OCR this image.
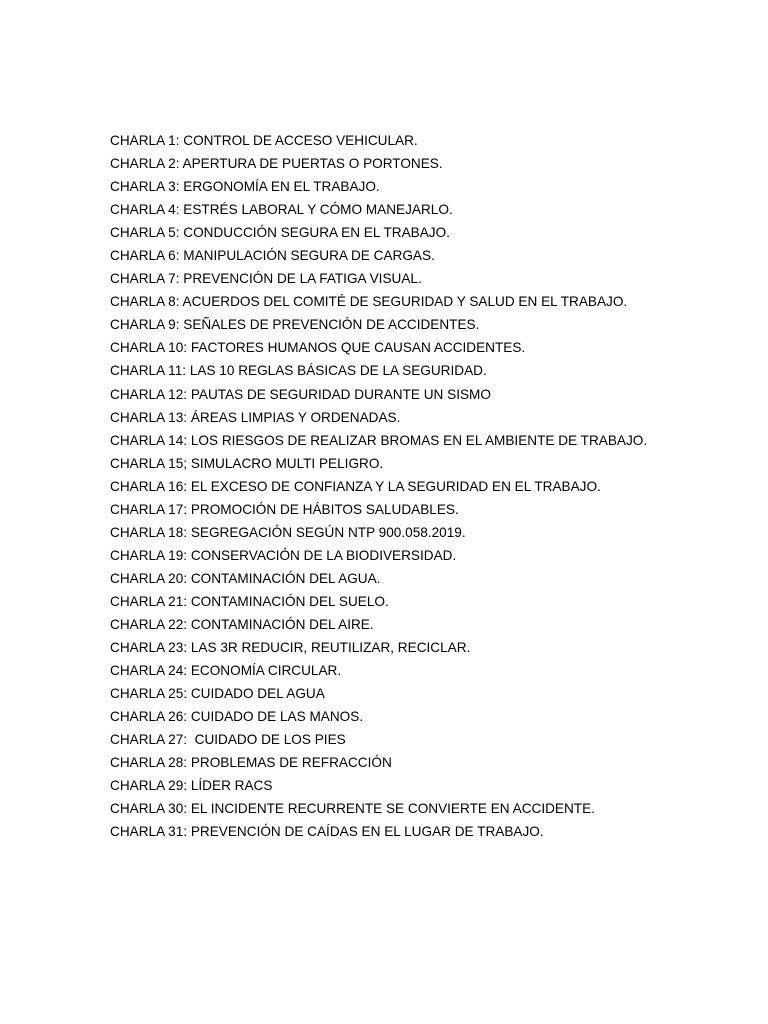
CHARLA 1: CONTROL DE ACCESO VEHICULAR.
CHARLA 2: APERTURA DE PUERTAS O PORTONES.
CHARLA 3: ERGONOMÍA EN EL TRABAJO.
CHARLA 4: ESTRÉS LABORAL Y CÓMO MANEJARLO.
CHARLA 5: CONDUCCIÓN SEGURA EN EL TRABAJO.
CHARLA 6: MANIPULACIÓN SEGURA DE CARGAS.
CHARLA 7: PREVENCIÓN DE LA FATIGA VISUAL.
CHARLA 8: ACUERDOS DEL COMITÉ DE SEGURIDAD Y SALUD EN EL TRABAJO.
CHARLA 9: SEÑALES DE PREVENCIÓN DE ACCIDENTES.
CHARLA 10: FACTORES HUMANOS QUE CAUSAN ACCIDENTES.
CHARLA 11: LAS 10 REGLAS BÁSICAS DE LA SEGURIDAD.
CHARLA 12: PAUTAS DE SEGURIDAD DURANTE UN SISMO
CHARLA 13: ÁREAS LIMPIAS Y ORDENADAS.
CHARLA 14: LOS RIESGOS DE REALIZAR BROMAS EN EL AMBIENTE DE TRABAJO.
CHARLA 15; SIMULACRO MULTI PELIGRO.
CHARLA 16: EL EXCESO DE CONFIANZA Y LA SEGURIDAD EN EL TRABAJO.
CHARLA 17: PROMOCIÓN DE HÁBITOS SALUDABLES.
CHARLA 18: SEGREGACIÓN SEGÚN NTP 900.058.2019.
CHARLA 19: CONSERVACIÓN DE LA BIODIVERSIDAD.
CHARLA 20: CONTAMINACIÓN DEL AGUA.
CHARLA 21: CONTAMINACIÓN DEL SUELO.
CHARLA 22: CONTAMINACIÓN DEL AIRE.
CHARLA 23: LAS 3R REDUCIR, REUTILIZAR, RECICLAR.
CHARLA 24: ECONOMÍA CIRCULAR.
CHARLA 25: CUIDADO DEL AGUA
CHARLA 26: CUIDADO DE LAS MANOS.
CHARLA 27:  CUIDADO DE LOS PIES
CHARLA 28: PROBLEMAS DE REFRACCIÓN
CHARLA 29: LÍDER RACS
CHARLA 30: EL INCIDENTE RECURRENTE SE CONVIERTE EN ACCIDENTE.
CHARLA 31: PREVENCIÓN DE CAÍDAS EN EL LUGAR DE TRABAJO.
